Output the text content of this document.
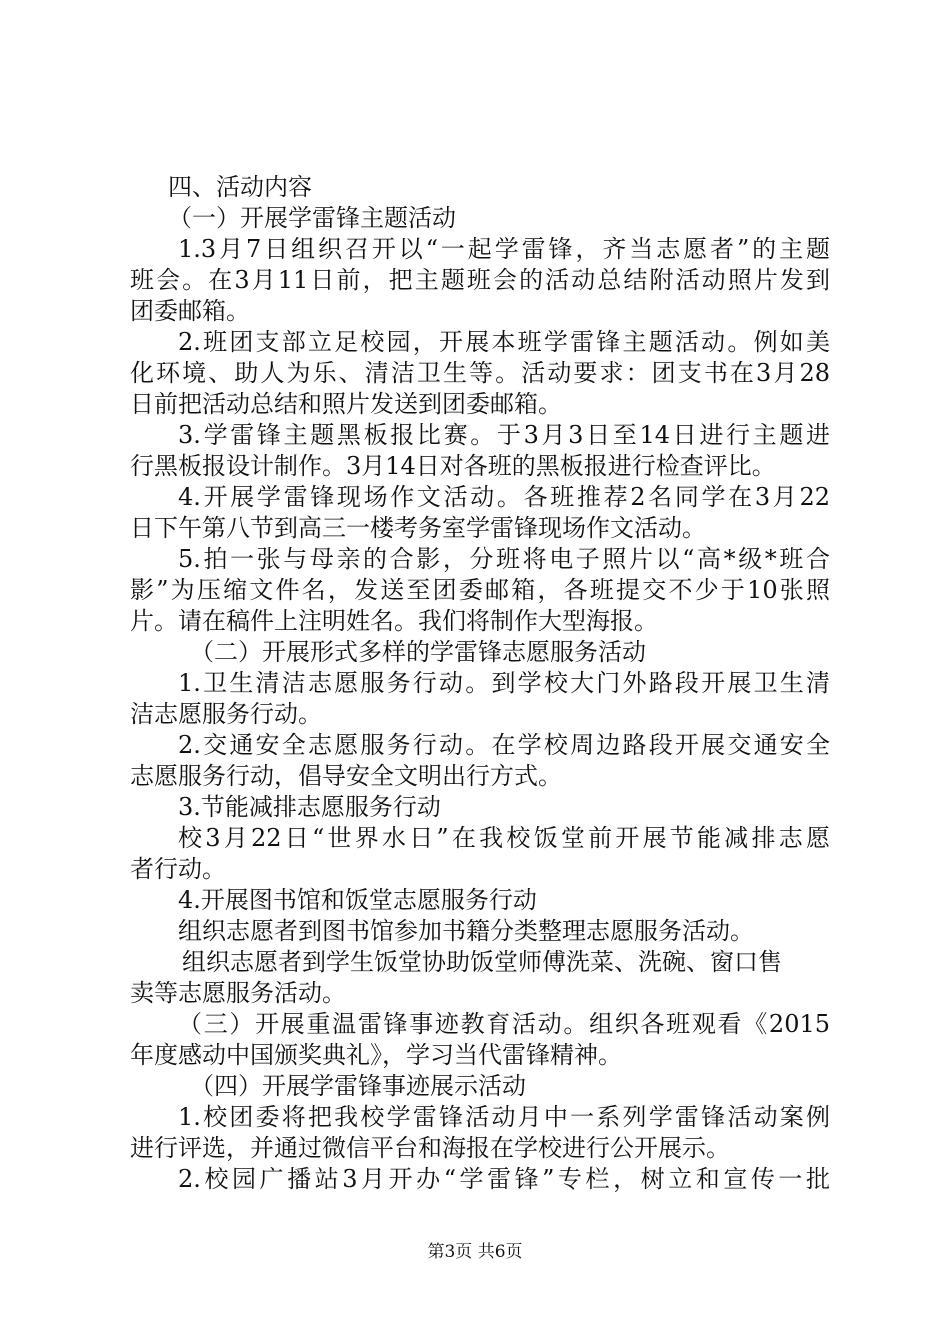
四、活动内容
（一）开展学雷锋主题活动
1.3月7日组织召开以“一起学雷锋，齐当志愿者”的主题
班会。在3月11日前，把主题班会的活动总结附活动照片发到
团委邮箱。
2.班团支部立足校园，开展本班学雷锋主题活动。例如美
化环境、助人为乐、清洁卫生等。活动要求：团支书在3月28
日前把活动总结和照片发送到团委邮箱。
3.学雷锋主题黑板报比赛。于3月3日至14日进行主题进
行黑板报设计制作。3月14日对各班的黑板报进行检查评比。
4.开展学雷锋现场作文活动。各班推荐2名同学在3月22
日下午第八节到高三一楼考务室学雷锋现场作文活动。
5.拍一张与母亲的合影，分班将电子照片以“高*级*班合
影”为压缩文件名，发送至团委邮箱，各班提交不少于10张照
片。请在稿件上注明姓名。我们将制作大型海报。
（二）开展形式多样的学雷锋志愿服务活动
1.卫生清洁志愿服务行动。到学校大门外路段开展卫生清
洁志愿服务行动。
2.交通安全志愿服务行动。在学校周边路段开展交通安全
志愿服务行动，倡导安全文明出行方式。
3.节能减排志愿服务行动
校3月22日“世界水日”在我校饭堂前开展节能减排志愿
者行动。
4.开展图书馆和饭堂志愿服务行动
组织志愿者到图书馆参加书籍分类整理志愿服务活动。
组织志愿者到学生饭堂协助饭堂师傅洗菜、洗碗、窗口售
卖等志愿服务活动。
（三）开展重温雷锋事迹教育活动。组织各班观看《2015
年度感动中国颁奖典礼》，学习当代雷锋精神。
（四）开展学雷锋事迹展示活动
1.校团委将把我校学雷锋活动月中一系列学雷锋活动案例
进行评选，并通过微信平台和海报在学校进行公开展示。
2.校园广播站3月开办“学雷锋”专栏，树立和宣传一批
第3页 共6页
